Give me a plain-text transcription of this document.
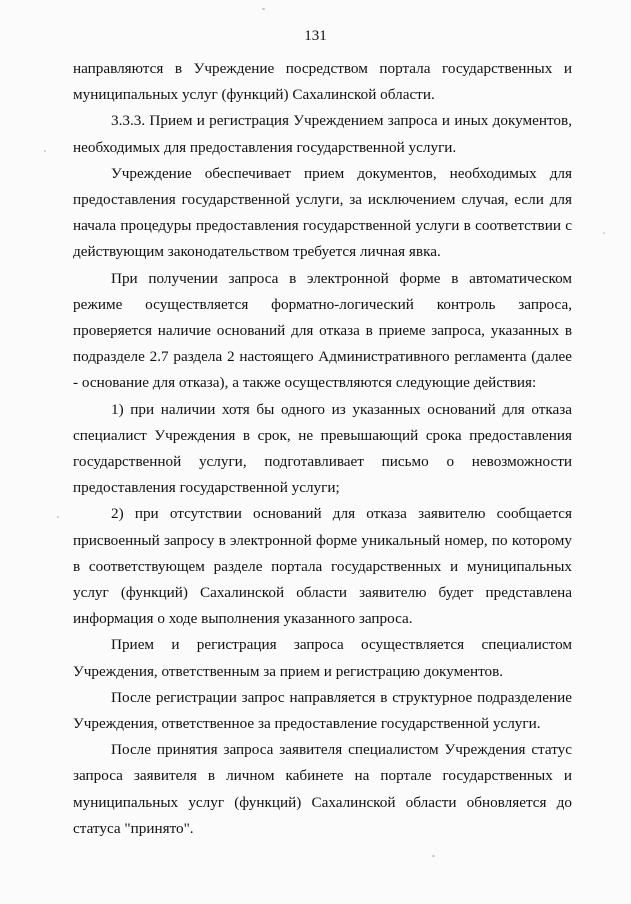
131

направляются в Учреждение посредством портала государственных и муниципальных услуг (функций) Сахалинской области.

3.3.3. Прием и регистрация Учреждением запроса и иных документов, необходимых для предоставления государственной услуги.

Учреждение обеспечивает прием документов, необходимых для предоставления государственной услуги, за исключением случая, если для начала процедуры предоставления государственной услуги в соответствии с действующим законодательством требуется личная явка.

При получении запроса в электронной форме в автоматическом режиме осуществляется форматно-логический контроль запроса, проверяется наличие оснований для отказа в приеме запроса, указанных в подразделе 2.7 раздела 2 настоящего Административного регламента (далее - основание для отказа), а также осуществляются следующие действия:

1) при наличии хотя бы одного из указанных оснований для отказа специалист Учреждения в срок, не превышающий срока предоставления государственной услуги, подготавливает письмо о невозможности предоставления государственной услуги;

2) при отсутствии оснований для отказа заявителю сообщается присвоенный запросу в электронной форме уникальный номер, по которому в соответствующем разделе портала государственных и муниципальных услуг (функций) Сахалинской области заявителю будет представлена информация о ходе выполнения указанного запроса.

Прием и регистрация запроса осуществляется специалистом Учреждения, ответственным за прием и регистрацию документов.

После регистрации запрос направляется в структурное подразделение Учреждения, ответственное за предоставление государственной услуги.

После принятия запроса заявителя специалистом Учреждения статус запроса заявителя в личном кабинете на портале государственных и муниципальных услуг (функций) Сахалинской области обновляется до статуса "принято".
